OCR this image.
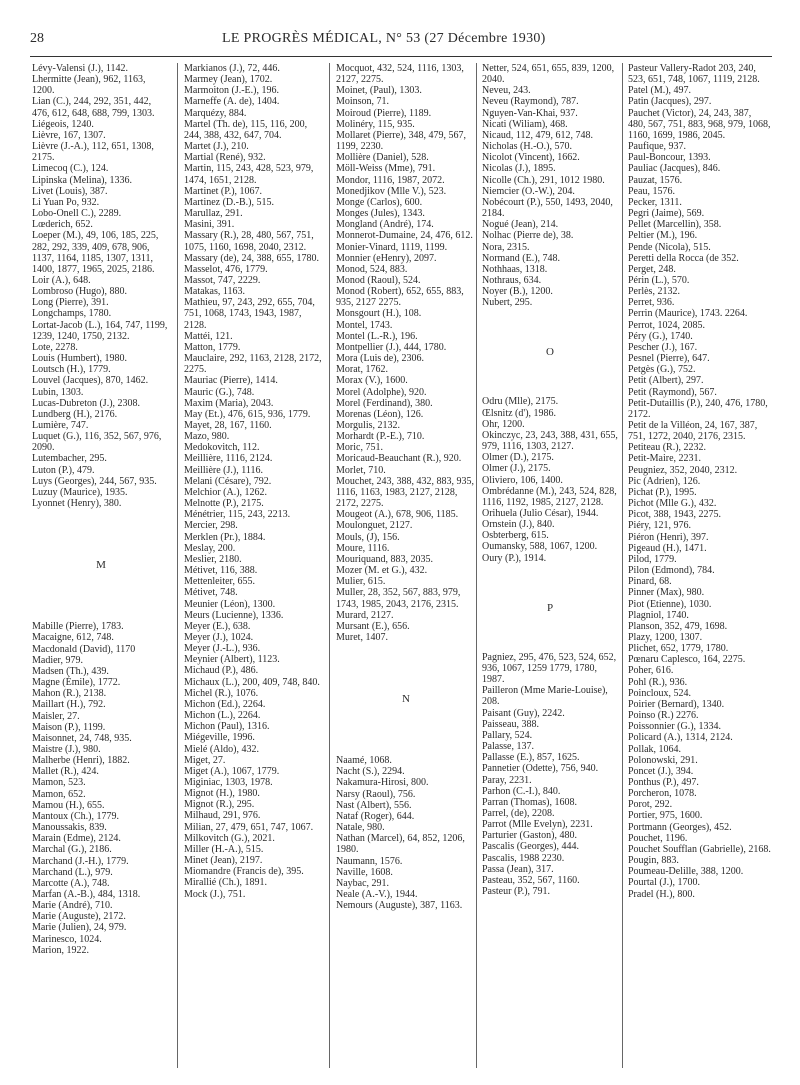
28	LE PROGRÈS MÉDICAL, N° 53 (27 Décembre 1930)
Lévy-Valensi (J.), 1142.
Lhermitte (Jean), 962, 1163, 1200.
Lian (C.), 244, 292, 351, 442, 476, 612, 648, 688, 799, 1303.
Liégeois, 1240.
Lièvre, 167, 1307.
Lièvre (J.-A.), 112, 651, 1308, 2175.
Limecoq (C.), 124.
Lipinska (Melina), 1336.
Livet (Louis), 387.
Li Yuan Po, 932.
Lobo-Onell C.), 2289.
Lœderich, 652.
Loeper (M.), 49, 106, 185, 225, 282, 292, 339, 409, 678, 906, 1137, 1164, 1185, 1307, 1311, 1400, 1877, 1965, 2025, 2186.
Loir (A.), 648.
Lombroso (Hugo), 880.
Long (Pierre), 391.
Longchamps, 1780.
Lortat-Jacob (L.), 164, 747, 1199, 1239, 1240, 1750, 2132.
Lote, 2278.
Louis (Humbert), 1980.
Loutsch (H.), 1779.
Louvel (Jacques), 870, 1462.
Lubin, 1303.
Lucas-Dubreton (J.), 2308.
Lundberg (H.), 2176.
Lumière, 747.
Luquet (G.), 116, 352, 567, 976, 2090.
Lutembacher, 295.
Luton (P.), 479.
Luys (Georges), 244, 567, 935.
Luzuy (Maurice), 1935.
Lyonnet (Henry), 380.
M
Mabille (Pierre), 1783.
Macaigne, 612, 748.
Macdonald (David), 1170
Madier, 979.
Madsen (Th.), 439.
Magne (Émile), 1772.
Mahon (R.), 2138.
Maillart (H.), 792.
Maisler, 27.
Maison (P.), 1199.
Maisonnet, 24, 748, 935.
Maistre (J.), 980.
Malherbe (Henri), 1882.
Mallet (R.), 424.
Mamon, 523.
Mamon, 652.
Mamou (H.), 655.
Mantoux (Ch.), 1779.
Manoussakis, 839.
Marain (Edme), 2124.
Marchal (G.), 2186.
Marchand (J.-H.), 1779.
Marchand (L.), 979.
Marcotte (A.), 748.
Marfan (A.-B.), 484, 1318.
Marie (André), 710.
Marie (Auguste), 2172.
Marie (Julien), 24, 979.
Marinesco, 1024.
Marion, 1922.
Markianos (J.), 72, 446.
Marmey (Jean), 1702.
Marmoiton (J.-E.), 196.
Marneffe (A. de), 1404.
Marquézy, 884.
Martel (Th. de), 115, 116, 200, 244, 388, 432, 647, 704.
Martet (J.), 210.
Martial (René), 932.
Martin, 115, 243, 428, 523, 979, 1474, 1651, 2128.
Martinet (P.), 1067.
Martinez (D.-B.), 515.
Marullaz, 291.
Masini, 391.
Massary (R.), 28, 480, 567, 751, 1075, 1160, 1698, 2040, 2312.
Massary (de), 24, 388, 655, 1780.
Masselot, 476, 1779.
Massot, 747, 2229.
Matakas, 1163.
Mathieu, 97, 243, 292, 655, 704, 751, 1068, 1743, 1943, 1987, 2128.
Mattéi, 121.
Matton, 1779.
Mauclaire, 292, 1163, 2128, 2172, 2275.
Mauriac (Pierre), 1414.
Mauric (G.), 748.
Maxim (Maria), 2043.
May (Et.), 476, 615, 936, 1779.
Mayet, 28, 167, 1160.
Mazo, 980.
Medokovitch, 112.
Meillière, 1116, 2124.
Meillière (J.), 1116.
Melani (Césare), 792.
Melchior (A.), 1262.
Melnotte (P.), 2175.
Ménétrier, 115, 243, 2213.
Mercier, 298.
Merklen (Pr.), 1884.
Meslay, 200.
Meslier, 2180.
Métivet, 116, 388.
Mettenleiter, 655.
Métivet, 748.
Meunier (Léon), 1300.
Meurs (Lucienne), 1336.
Meyer (E.), 638.
Meyer (J.), 1024.
Meyer (J.-L.), 936.
Meynier (Albert), 1123.
Michaud (P.), 486.
Michaux (L.), 200, 409, 748, 840.
Michel (R.), 1076.
Michon (Ed.), 2264.
Michon (L.), 2264.
Michon (Paul), 1316.
Miégeville, 1996.
Mielé (Aldo), 432.
Miget, 27.
Miget (A.), 1067, 1779.
Miginiac, 1303, 1978.
Mignot (H.), 1980.
Mignot (R.), 295.
Milhaud, 291, 976.
Milian, 27, 479, 651, 747, 1067.
Milkovitch (G.), 2021.
Miller (H.-A.), 515.
Minet (Jean), 2197.
Miomandre (Francis de), 395.
Mirallié (Ch.), 1891.
Mock (J.), 751.
Mocquot, 432, 524, 1116, 1303, 2127, 2275.
Moinet, (Paul), 1303.
Moinson, 71.
Moiroud (Pierre), 1189.
Molinéry, 115, 935.
Mollaret (Pierre), 348, 479, 567, 1199, 2230.
Mollière (Daniel), 528.
Möll-Weiss (Mme), 791.
Mondor, 1116, 1987, 2072.
Monedjikov (Mlle V.), 523.
Monge (Carlos), 600.
Monges (Jules), 1343.
Mongland (André), 174.
Monnerot-Dumaine, 24, 476, 612.
Monier-Vinard, 1119, 1199.
Monnier (eHenry), 2097.
Monod, 524, 883.
Monod (Raoul), 524.
Monod (Robert), 652, 655, 883, 935, 2127 2275.
Monsgourt (H.), 108.
Montel, 1743.
Montel (L.-R.), 196.
Montpellier (J.), 444, 1780.
Mora (Luis de), 2306.
Morat, 1762.
Morax (V.), 1600.
Morel (Adolphe), 920.
Morel (Ferdinand), 380.
Morenas (Léon), 126.
Morgulis, 2132.
Morhardt (P.-E.), 710.
Moric, 751.
Moricaud-Beauchant (R.), 920.
Morlet, 710.
Mouchet, 243, 388, 432, 883, 935, 1116, 1163, 1983, 2127, 2128, 2172, 2275.
Mougeot (A.), 678, 906, 1185.
Moulonguet, 2127.
Mouls, (J), 156.
Moure, 1116.
Mouriquand, 883, 2035.
Mozer (M. et G.), 432.
Mulier, 615.
Muller, 28, 352, 567, 883, 979, 1743, 1985, 2043, 2176, 2315.
Murard, 2127.
Mursant (E.), 656.
Muret, 1407.
N
Naamé, 1068.
Nacht (S.), 2294.
Nakamura-Hirosi, 800.
Narsy (Raoul), 756.
Nast (Albert), 556.
Nataf (Roger), 644.
Natale, 980.
Nathan (Marcel), 64, 852, 1206, 1980.
Naumann, 1576.
Naville, 1608.
Naybac, 291.
Neale (A.-V.), 1944.
Nemours (Auguste), 387, 1163.
Netter, 524, 651, 655, 839, 1200, 2040.
Neveu, 243.
Neveu (Raymond), 787.
Nguyen-Van-Khai, 937.
Nicati (Wiliam), 468.
Nicaud, 112, 479, 612, 748.
Nicholas (H.-O.), 570.
Nicolot (Vincent), 1662.
Nicolas (J.), 1895.
Nicolle (Ch.), 291, 1012 1980.
Niemcier (O.-W.), 204.
Nobécourt (P.), 550, 1493, 2040, 2184.
Nogué (Jean), 214.
Nolhac (Pierre de), 38.
Nora, 2315.
Normand (E.), 748.
Nothhaas, 1318.
Nothraus, 634.
Noyer (B.), 1200.
Nubert, 295.
O
Odru (Mlle), 2175.
Œlsnitz (d'), 1986.
Ohr, 1200.
Okinczyc, 23, 243, 388, 431, 655, 979, 1116, 1303, 2127.
Olmer (D.), 2175.
Olmer (J.), 2175.
Oliviero, 106, 1400.
Ombrédanne (M.), 243, 524, 828, 1116, 1192, 1985, 2127, 2128.
Orihuela (Julio César), 1944.
Ornstein (J.), 840.
Osbterberg, 615.
Oumansky, 588, 1067, 1200.
Oury (P.), 1914.
P
Pagniez, 295, 476, 523, 524, 652, 936, 1067, 1259 1779, 1780, 1987.
Pailleron (Mme Marie-Louise), 208.
Paisant (Guy), 2242.
Paisseau, 388.
Pallary, 524.
Palasse, 137.
Pallasse (E.), 857, 1625.
Pannetier (Odette), 756, 940.
Paray, 2231.
Parhon (C.-I.), 840.
Parran (Thomas), 1608.
Parrel, (de), 2208.
Parrot (Mlle Evelyn), 2231.
Parturier (Gaston), 480.
Pascalis (Georges), 444.
Pascalis, 1988 2230.
Passa (Jean), 317.
Pasteau, 352, 567, 1160.
Pasteur (P.), 791.
Pasteur Vallery-Radot 203, 240, 523, 651, 748, 1067, 1119, 2128.
Patel (M.), 497.
Patin (Jacques), 297.
Pauchet (Victor), 24, 243, 387, 480, 567, 751, 883, 968, 979, 1068, 1160, 1699, 1986, 2045.
Paufique, 937.
Paul-Boncour, 1393.
Pauliac (Jacques), 846.
Pauzat, 1576.
Peau, 1576.
Pecker, 1311.
Pegri (Jaime), 569.
Pellet (Marcellin), 358.
Peltier (M.), 196.
Pende (Nicola), 515.
Peretti della Rocca (de 352.
Perget, 248.
Périn (L.), 570.
Perlès, 2132.
Perret, 936.
Perrin (Maurice), 1743. 2264.
Perrot, 1024, 2085.
Péry (G.), 1740.
Pescher (J.), 167.
Pesnel (Pierre), 647.
Petgès (G.), 752.
Petit (Albert), 297.
Petit (Raymond), 567.
Petit-Dutaillis (P.), 240, 476, 1780, 2172.
Petit de la Villéon, 24, 167, 387, 751, 1272, 2040, 2176, 2315.
Petiteau (R.), 2232.
Petit-Maire, 2231.
Peugniez, 352, 2040, 2312.
Pic (Adrien), 126.
Pichat (P.), 1995.
Pichot (Mlle G.), 432.
Picot, 388, 1943, 2275.
Piéry, 121, 976.
Piéron (Henri), 397.
Pigeaud (H.), 1471.
Pilod, 1779.
Pilon (Edmond), 784.
Pinard, 68.
Pinner (Max), 980.
Piot (Etienne), 1030.
Plagniol, 1740.
Planson, 352, 479, 1698.
Plazy, 1200, 1307.
Plichet, 652, 1779, 1780.
Pœnaru Caplesco, 164, 2275.
Poher, 616.
Pohl (R.), 936.
Poincloux, 524.
Poirier (Bernard), 1340.
Poinso (R.) 2276.
Poissonnier (G.), 1334.
Policard (A.), 1314, 2124.
Pollak, 1064.
Polonowski, 291.
Poncet (J.), 394.
Ponthus (P.), 497.
Porcheron, 1078.
Porot, 292.
Portier, 975, 1600.
Portmann (Georges), 452.
Pouchet, 1196.
Pouchet Soufflan (Gabrielle), 2168.
Pougin, 883.
Poumeau-Delille, 388, 1200.
Pourtal (J.), 1700.
Pradel (H.), 800.
